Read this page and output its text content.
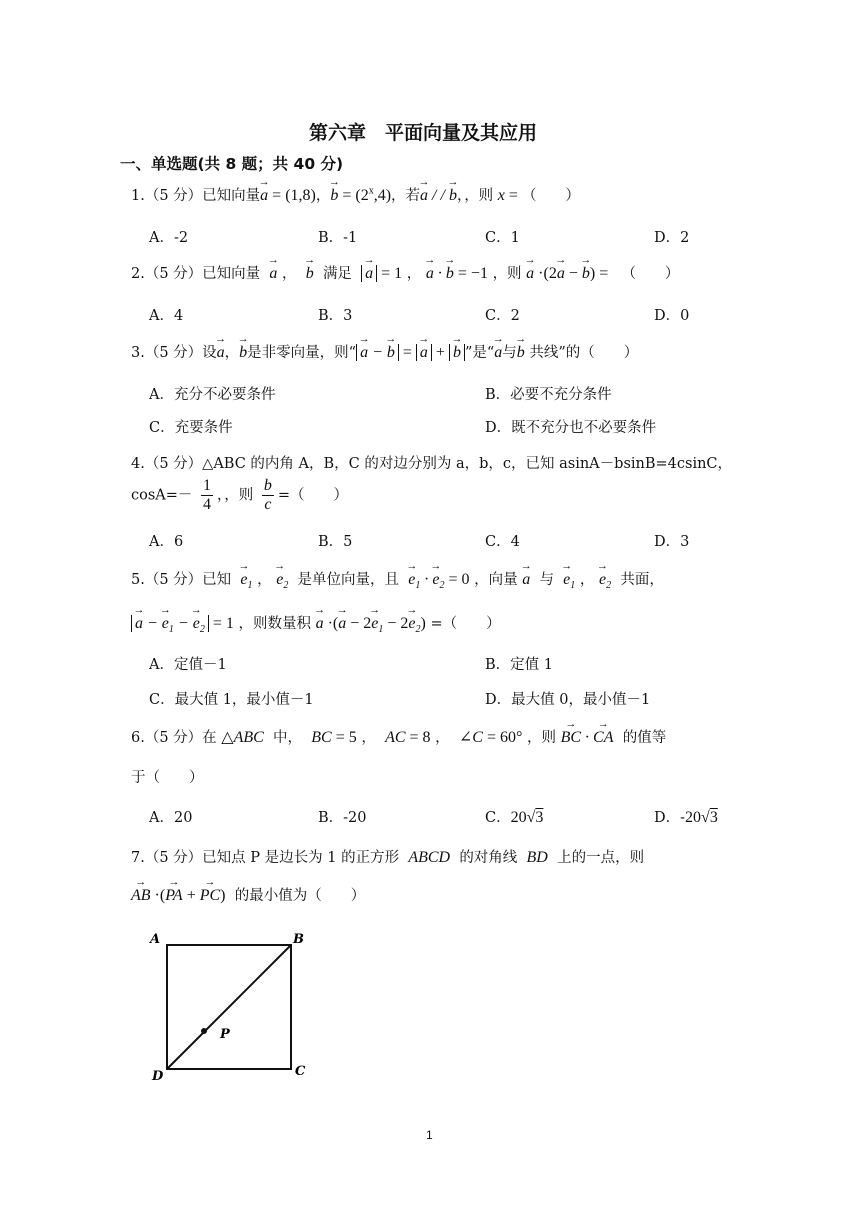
第六章　平面向量及其应用
一、单选题(共 8 题；共 40 分)
1.（5 分）已知向量→ a = (1,8)，→ $b = (2^x,4)$，若→ a / / → b，，则 x = （　　）
A．-2	B．-1	C．1	D．2
2.（5 分）已知向量 → a ， → b 满足 → a = 1 ， → a · → b = −1 ，则 → a ·(2→ a − → b) =   （　　）
A．4	B．3	C．2	D．0
3.（5 分）设→ a，→ b是非零向量，则“ → a − → b = → a + → b ”是“→ a与→ b 共线”的（　　）
A．充分不必要条件	B．必要不充分条件
C．充要条件	D．既不充分也不必要条件
4.（5 分）△ABC 的内角 A，B，C 的对边分别为 a，b，c，已知 asinA－bsinB=4csinC，
$\cos A=- \frac{1}{4}$ ，，则 $\frac{b}{c}$ =（　　）
A．6	B．5	C．4	D．3
5.（5 分）已知 → $e_1$ ， → $e_2$ 是单位向量，且 → $e_1$ · → $e_2 = 0$ ，向量 → a 与 → $e_1$ ， → $e_2$ 共面，
→ a − → $e_1$ − → $e_2 = 1$ ，则数量积 → a ·(→ $a - 2\to e_1 - 2\to e_2$) =（　　）
A．定值－1	B．定值 1
C．最大值 1，最小值－1	D．最大值 0，最小值－1
6.（5 分）在 △ABC 中， BC = 5 ，  AC = 8 ，  ∠C = 60° ，则 → BC · → CA 的值等
于（　　）
A．20	B．-20	C．20√3	D．-20√3
7.（5 分）已知点 P 是边长为 1 的正方形 ABCD 的对角线 BD 上的一点，则
→ AB ·(→ PA + → PC) 的最小值为（　　）
A	B
C
D
P
1
